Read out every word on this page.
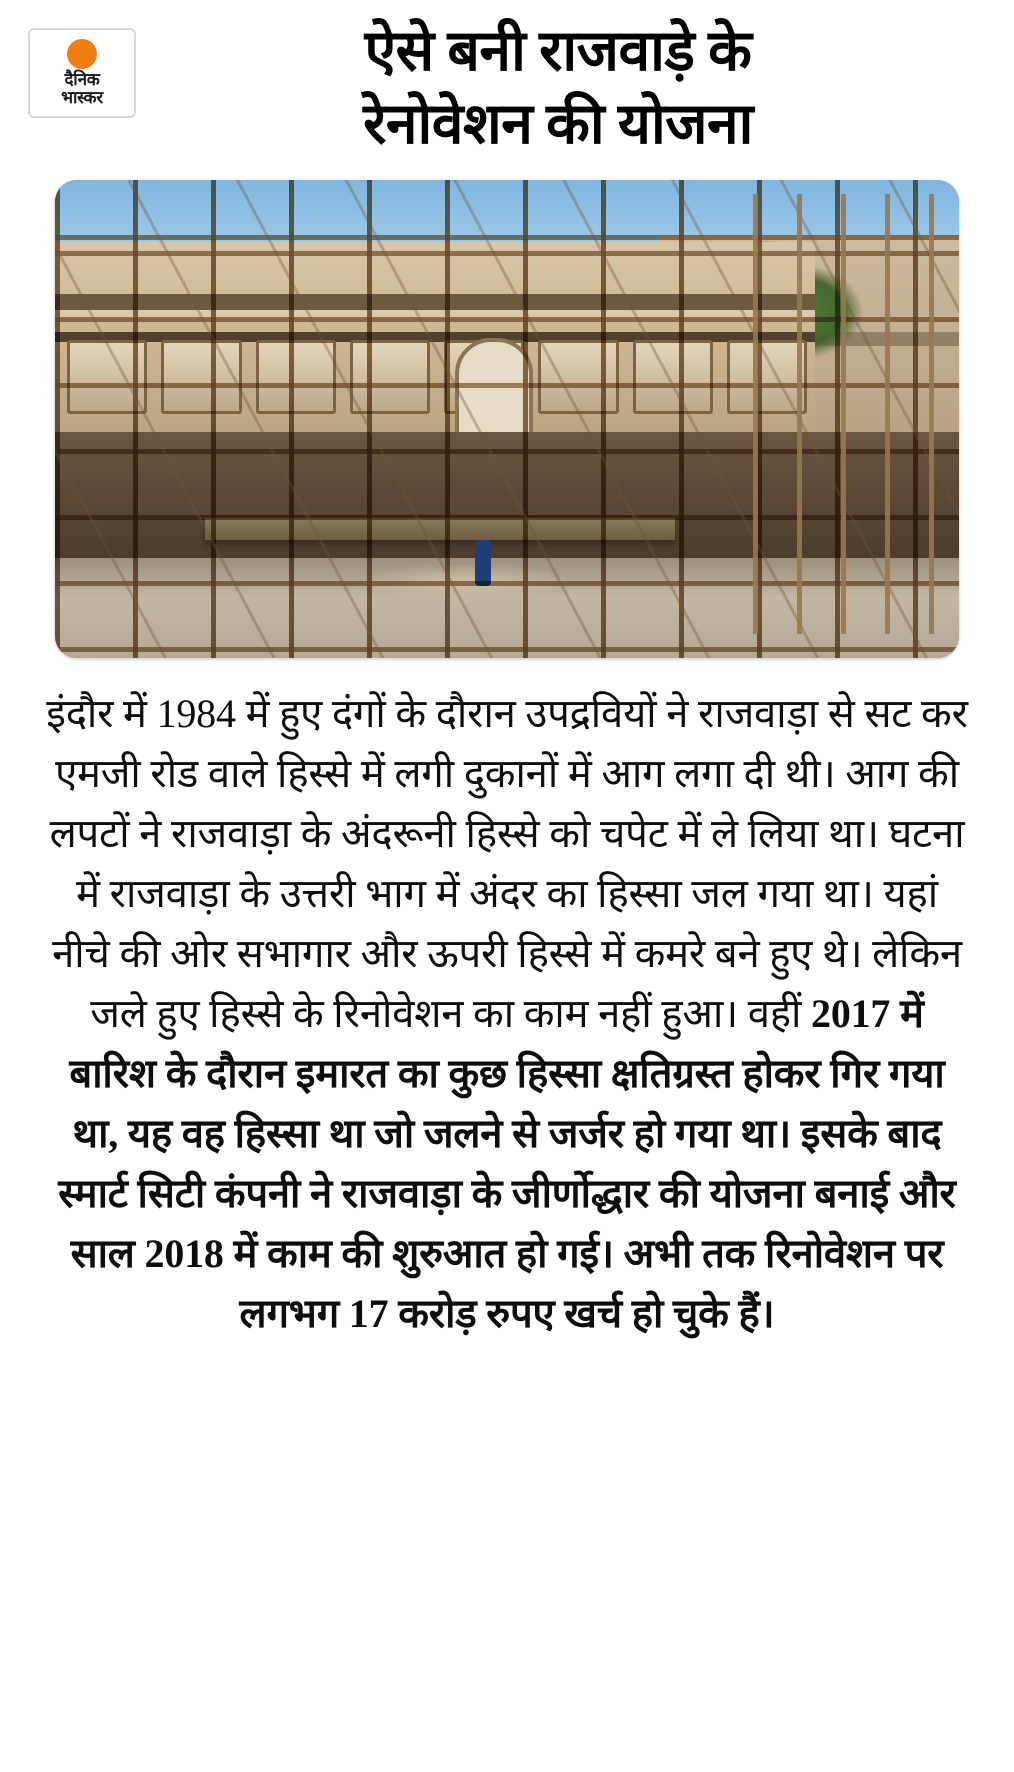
दैनिक
भास्कर
ऐसे बनी राजवाड़े के
रेनोवेशन की योजना
इंदौर में 1984 में हुए दंगों के दौरान उपद्रवियों ने राजवाड़ा से सट कर एमजी रोड वाले हिस्से में लगी दुकानों में आग लगा दी थी। आग की लपटों ने राजवाड़ा के अंदरूनी हिस्से को चपेट में ले लिया था। घटना में राजवाड़ा के उत्तरी भाग में अंदर का हिस्सा जल गया था। यहां नीचे की ओर सभागार और ऊपरी हिस्से में कमरे बने हुए थे। लेकिन जले हुए हिस्से के रिनोवेशन का काम नहीं हुआ। वहीं 2017 में बारिश के दौरान इमारत का कुछ हिस्सा क्षतिग्रस्त होकर गिर गया था, यह वह हिस्सा था जो जलने से जर्जर हो गया था। इसके बाद स्मार्ट सिटी कंपनी ने राजवाड़ा के जीर्णोद्धार की योजना बनाई और साल 2018 में काम की शुरुआत हो गई। अभी तक रिनोवेशन पर लगभग 17 करोड़ रुपए खर्च हो चुके हैं।
